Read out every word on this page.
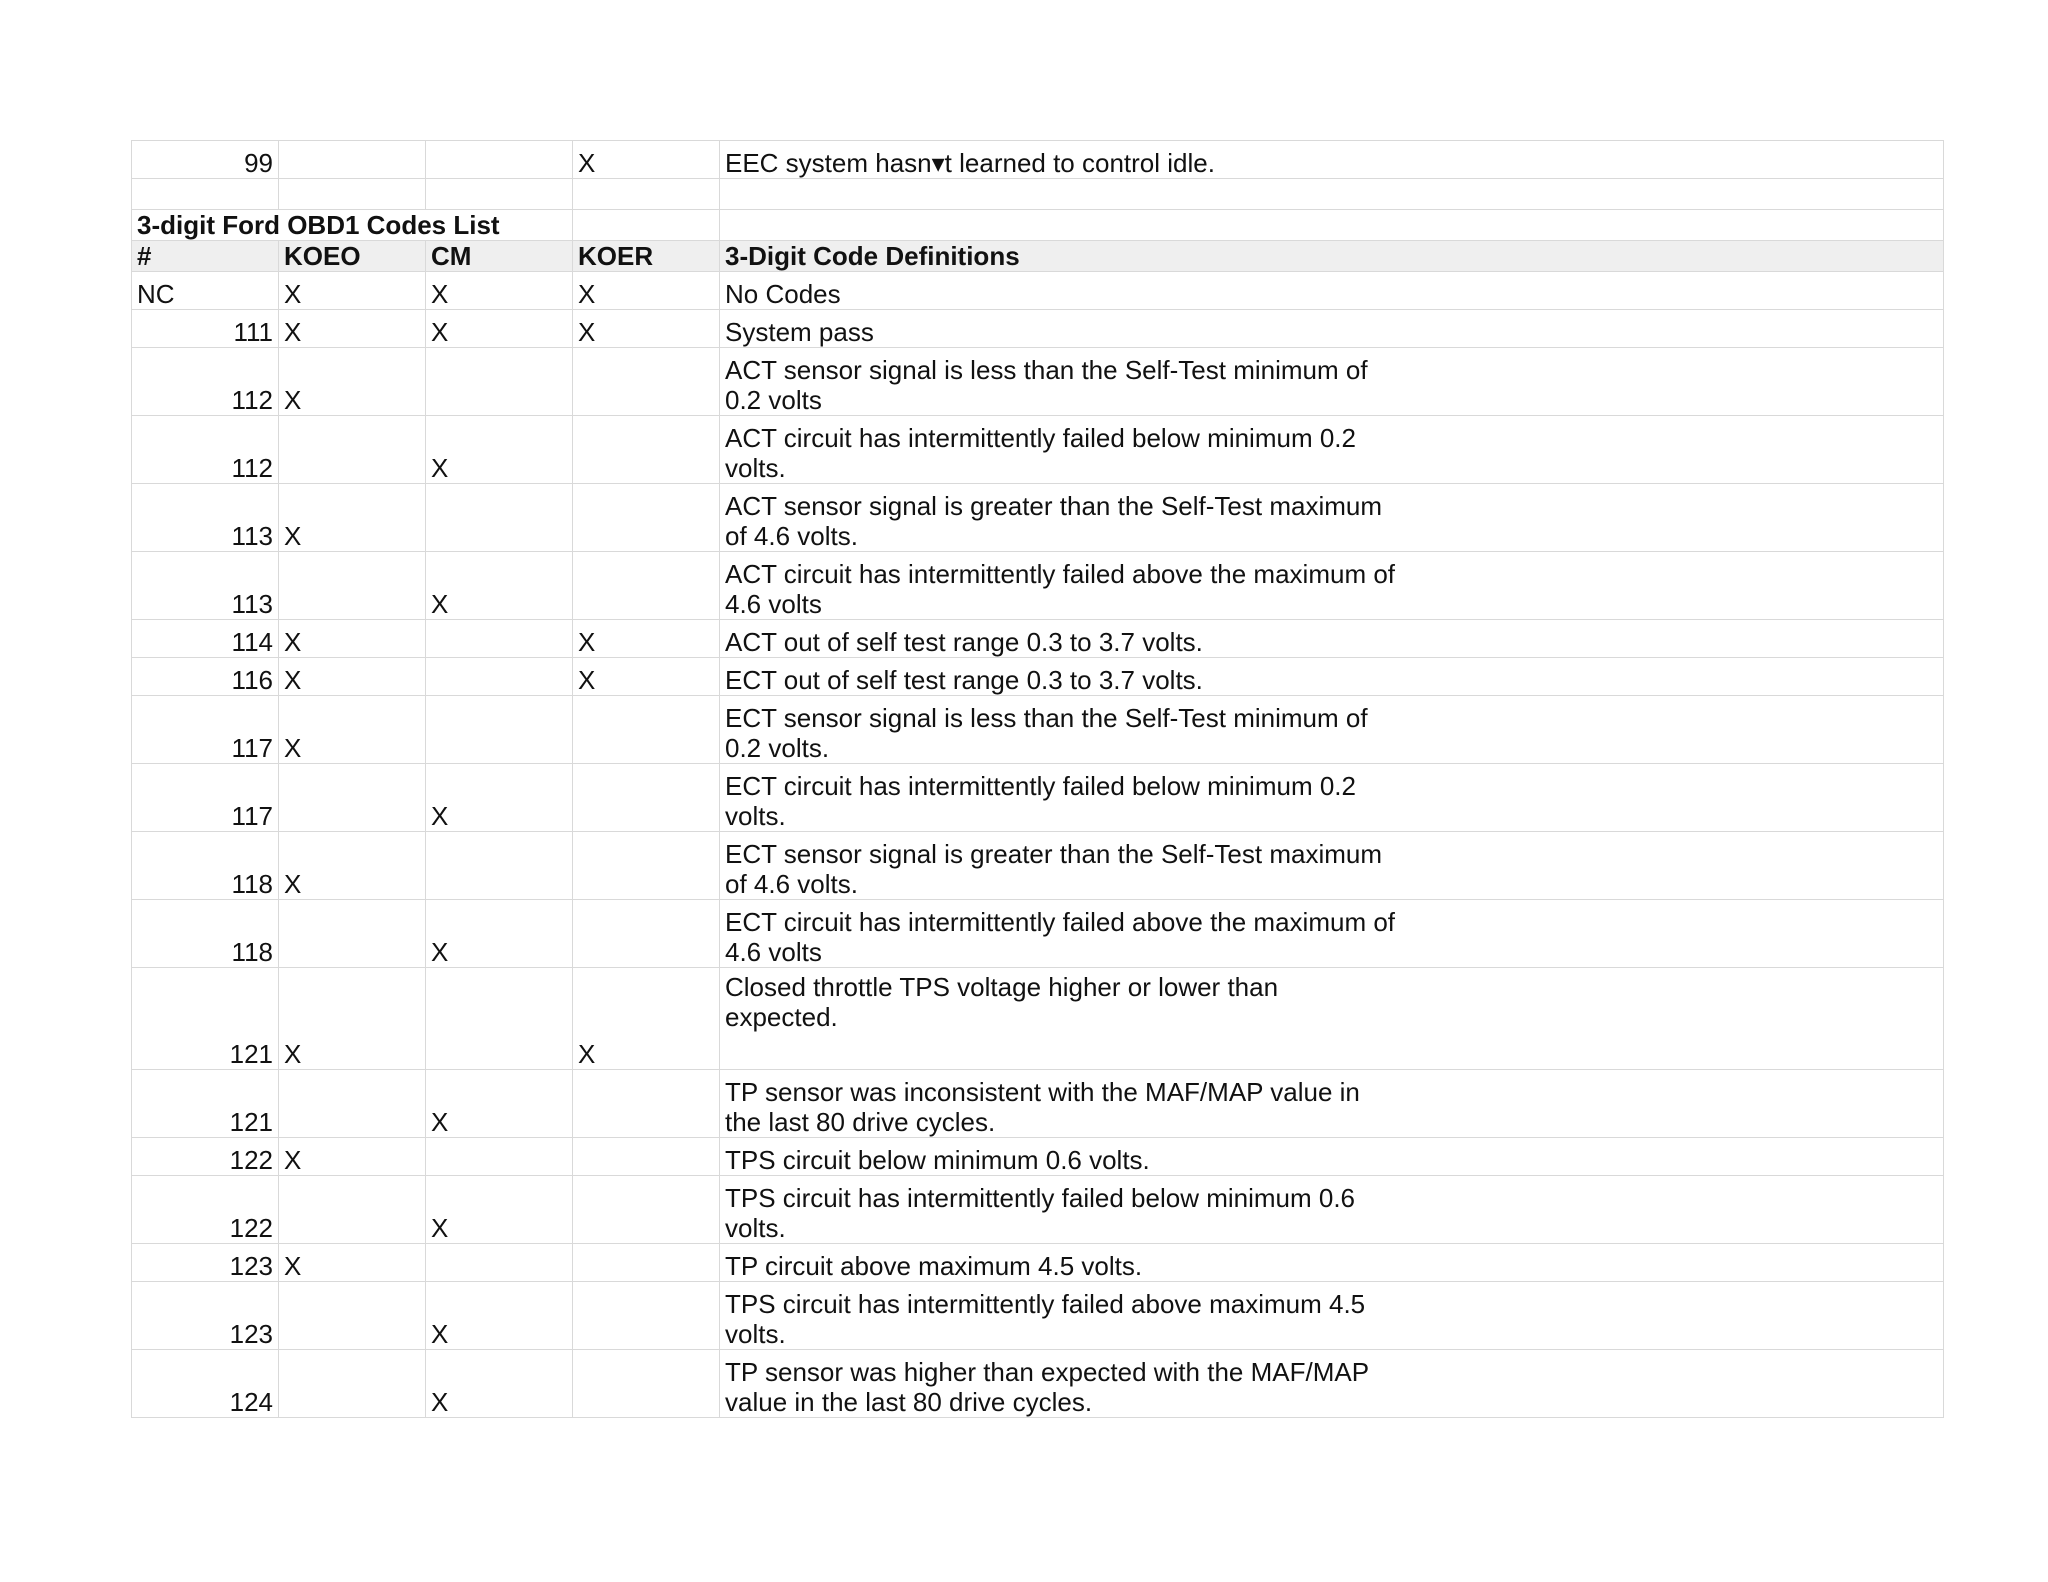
99			X	EEC system hasn▾t learned to control idle.

3-digit Ford OBD1 Codes List				
#	KOEO	CM	KOER	3-Digit Code Definitions
NC	X	X	X	No Codes

111	X	X	X	System pass

112	X			ACT sensor signal is less than the Self-Test minimum of 0.2 volts

112		X		ACT circuit has intermittently failed below minimum 0.2 volts.

113	X			ACT sensor signal is greater than the Self-Test maximum of 4.6 volts.

113		X		ACT circuit has intermittently failed above the maximum of 4.6 volts

114	X		X	ACT out of self test range 0.3 to 3.7 volts.

116	X		X	ECT out of self test range 0.3 to 3.7 volts.

117	X			ECT sensor signal is less than the Self-Test minimum of 0.2 volts.

117		X		ECT circuit has intermittently failed below minimum 0.2 volts.

118	X			ECT sensor signal is greater than the Self-Test maximum of 4.6 volts.

118		X		ECT circuit has intermittently failed above the maximum of 4.6 volts

121	X		X	Closed throttle TPS voltage higher or lower than expected.

121		X		TP sensor was inconsistent with the MAF/MAP value in the last 80 drive cycles.

122	X			TPS circuit below minimum 0.6 volts.

122		X		TPS circuit has intermittently failed below minimum 0.6 volts.

123	X			TP circuit above maximum 4.5 volts.

123		X		TPS circuit has intermittently failed above maximum 4.5 volts.

124		X		TP sensor was higher than expected with the MAF/MAP value in the last 80 drive cycles.
